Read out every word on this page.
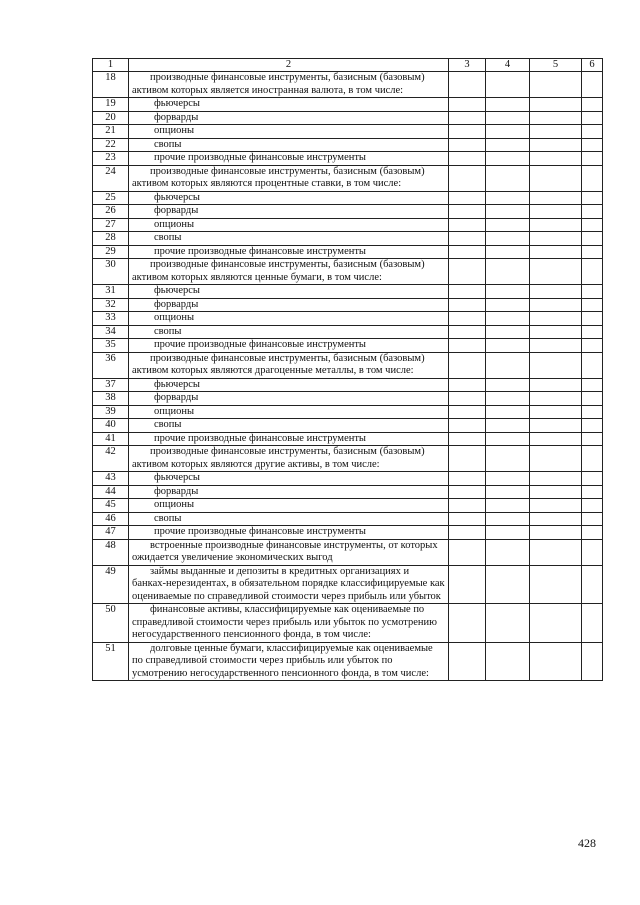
1	2	3	4	5	6
18	производные финансовые инструменты, базисным (базовым) активом которых является иностранная валюта, в том числе:				
19	фьючерсы				
20	форварды				
21	опционы				
22	свопы				
23	прочие производные финансовые инструменты				
24	производные финансовые инструменты, базисным (базовым) активом которых являются процентные ставки, в том числе:				
25	фьючерсы				
26	форварды				
27	опционы				
28	свопы				
29	прочие производные финансовые инструменты				
30	производные финансовые инструменты, базисным (базовым) активом которых являются ценные бумаги, в том числе:				
31	фьючерсы				
32	форварды				
33	опционы				
34	свопы				
35	прочие производные финансовые инструменты				
36	производные финансовые инструменты, базисным (базовым) активом которых являются драгоценные металлы, в том числе:				
37	фьючерсы				
38	форварды				
39	опционы				
40	свопы				
41	прочие производные финансовые инструменты				
42	производные финансовые инструменты, базисным (базовым) активом которых являются другие активы, в том числе:				
43	фьючерсы				
44	форварды				
45	опционы				
46	свопы				
47	прочие производные финансовые инструменты				
48	встроенные производные финансовые инструменты, от которых ожидается увеличение экономических выгод				
49	займы выданные и депозиты в кредитных организациях и банках-нерезидентах, в обязательном порядке классифицируемые как оцениваемые по справедливой стоимости через прибыль или убыток				
50	финансовые активы, классифицируемые как оцениваемые по справедливой стоимости через прибыль или убыток по усмотрению негосударственного пенсионного фонда, в том числе:				
51	долговые ценные бумаги, классифицируемые как оцениваемые по справедливой стоимости через прибыль или убыток по усмотрению негосударственного пенсионного фонда, в том числе:				
428
